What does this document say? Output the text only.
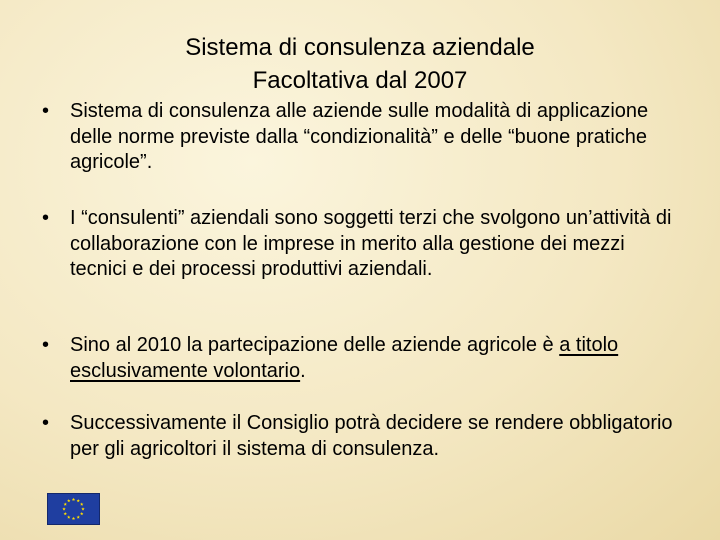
Sistema di consulenza aziendale
Facoltativa dal 2007
•	Sistema di consulenza alle aziende sulle modalità di applicazione delle norme previste dalla “condizionalità” e delle “buone pratiche agricole”.
•	I “consulenti” aziendali sono soggetti terzi che svolgono un’attività di collaborazione con le imprese in merito alla gestione dei mezzi tecnici e dei processi produttivi aziendali.
•	Sino al 2010 la partecipazione delle aziende agricole è a titolo esclusivamente volontario.
•	Successivamente il Consiglio potrà decidere se rendere obbligatorio per gli agricoltori il sistema di consulenza.
